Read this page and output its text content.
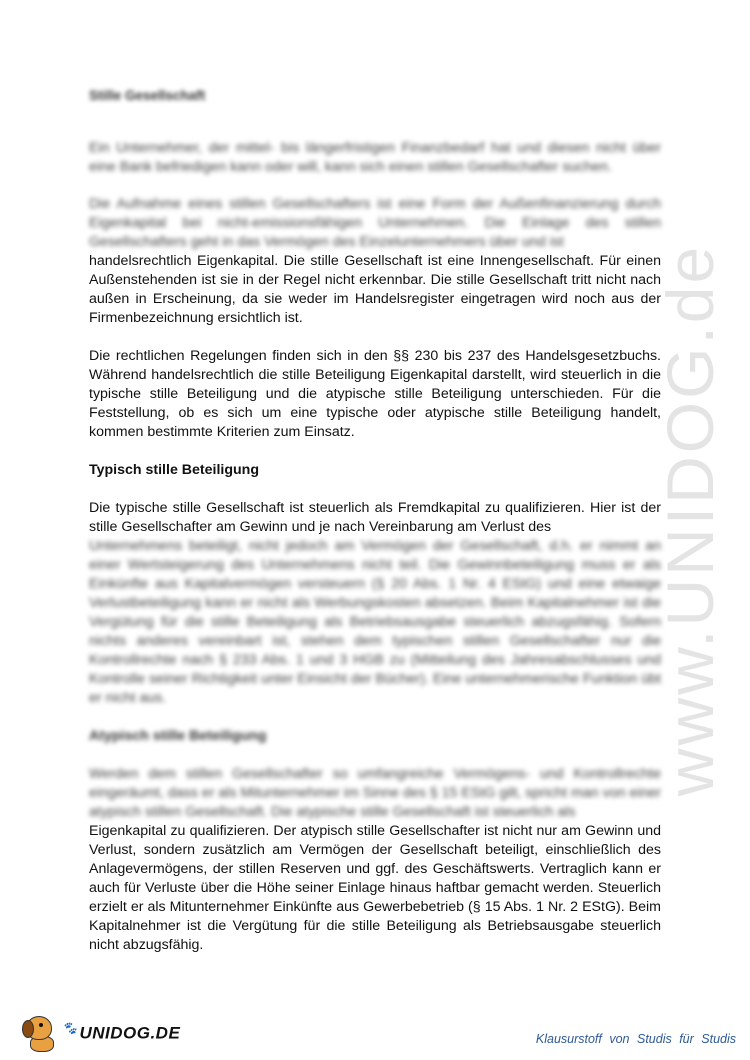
www.UNIDOG.de
Stille Gesellschaft

Ein Unternehmer, der mittel- bis längerfristigen Finanzbedarf hat und diesen nicht über eine Bank befriedigen kann oder will, kann sich einen stillen Gesellschafter suchen.

Die Aufnahme eines stillen Gesellschafters ist eine Form der Außenfinanzierung durch Eigenkapital bei nicht-emissionsfähigen Unternehmen. Die Einlage des stillen Gesellschafters geht in das Vermögen des Einzelunternehmers über und ist

handelsrechtlich Eigenkapital. Die stille Gesellschaft ist eine Innengesellschaft. Für einen Außenstehenden ist sie in der Regel nicht erkennbar. Die stille Gesellschaft tritt nicht nach außen in Erscheinung, da sie weder im Handelsregister eingetragen wird noch aus der Firmenbezeichnung ersichtlich ist.

Die rechtlichen Regelungen finden sich in den §§ 230 bis 237 des Handelsgesetzbuchs. Während handelsrechtlich die stille Beteiligung Eigenkapital darstellt, wird steuerlich in die typische stille Beteiligung und die atypische stille Beteiligung unterschieden. Für die Feststellung, ob es sich um eine typische oder atypische stille Beteiligung handelt, kommen bestimmte Kriterien zum Einsatz.

Typisch stille Beteiligung

Die typische stille Gesellschaft ist steuerlich als Fremdkapital zu qualifizieren. Hier ist der stille Gesellschafter am Gewinn und je nach Vereinbarung am Verlust des

Unternehmens beteiligt, nicht jedoch am Vermögen der Gesellschaft, d.h. er nimmt an einer Wertsteigerung des Unternehmens nicht teil. Die Gewinnbeteiligung muss er als Einkünfte aus Kapitalvermögen versteuern (§ 20 Abs. 1 Nr. 4 EStG) und eine etwaige Verlustbeteiligung kann er nicht als Werbungskosten absetzen. Beim Kapitalnehmer ist die Vergütung für die stille Beteiligung als Betriebsausgabe steuerlich abzugsfähig. Sofern nichts anderes vereinbart ist, stehen dem typischen stillen Gesellschafter nur die Kontrollrechte nach § 233 Abs. 1 und 3 HGB zu (Mitteilung des Jahresabschlusses und Kontrolle seiner Richtigkeit unter Einsicht der Bücher). Eine unternehmerische Funktion übt er nicht aus.

Atypisch stille Beteiligung

Werden dem stillen Gesellschafter so umfangreiche Vermögens- und Kontrollrechte eingeräumt, dass er als Mitunternehmer im Sinne des § 15 EStG gilt, spricht man von einer atypisch stillen Gesellschaft. Die atypische stille Gesellschaft ist steuerlich als

Eigenkapital zu qualifizieren. Der atypisch stille Gesellschafter ist nicht nur am Gewinn und Verlust, sondern zusätzlich am Vermögen der Gesellschaft beteiligt, einschließlich des Anlagevermögens, der stillen Reserven und ggf. des Geschäftswerts. Vertraglich kann er auch für Verluste über die Höhe seiner Einlage hinaus haftbar gemacht werden. Steuerlich erzielt er als Mitunternehmer Einkünfte aus Gewerbebetrieb (§ 15 Abs. 1 Nr. 2 EStG). Beim Kapitalnehmer ist die Vergütung für die stille Beteiligung als Betriebsausgabe steuerlich nicht abzugsfähig.

🐾 UNIDOG.DE	Klausurstoff von Studis für Studis
